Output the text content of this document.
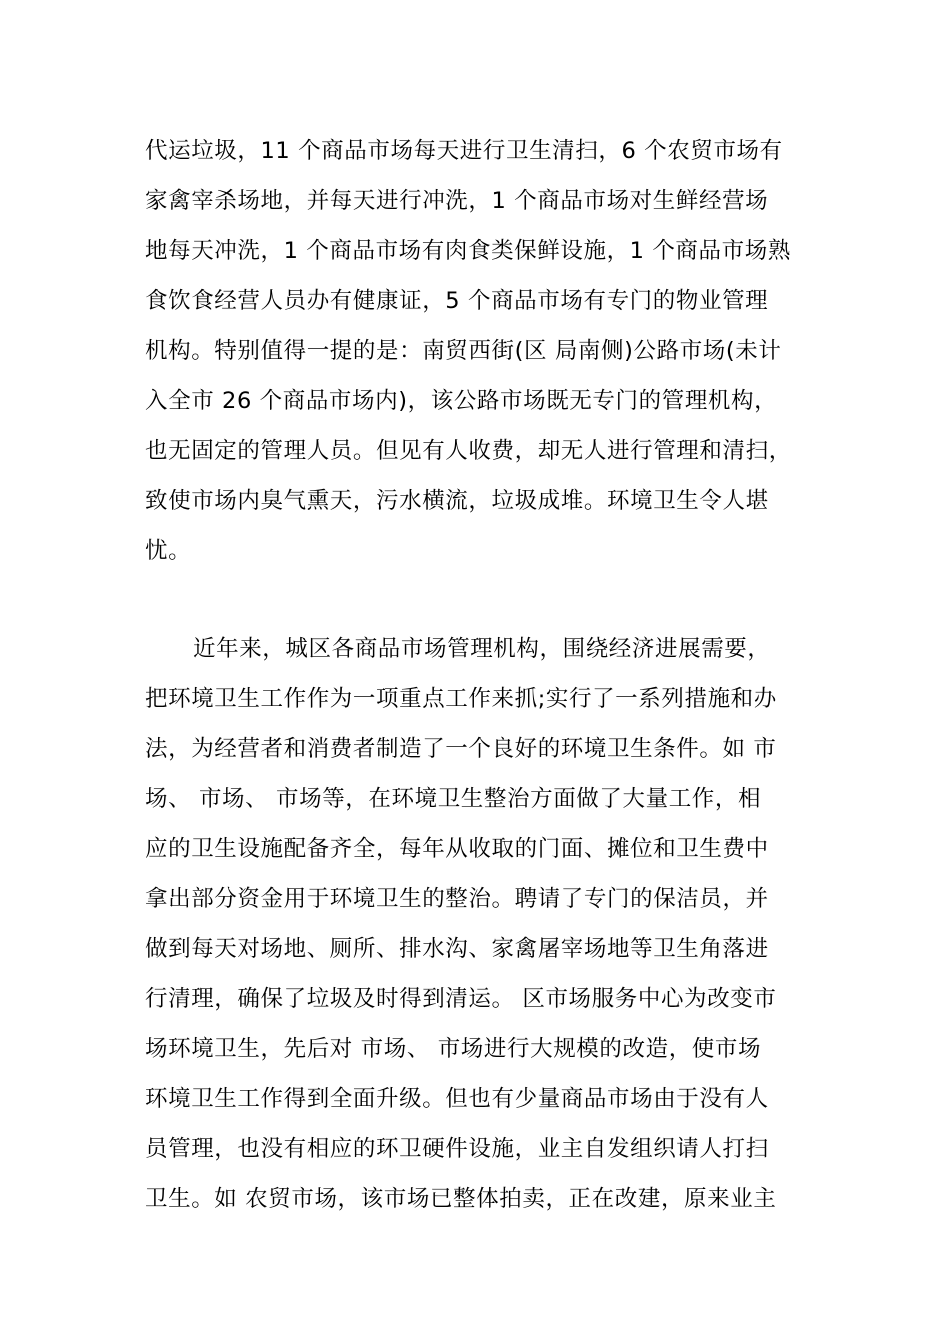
代运垃圾，11 个商品市场每天进行卫生清扫，6 个农贸市场有

家禽宰杀场地，并每天进行冲洗，1 个商品市场对生鲜经营场

地每天冲洗，1 个商品市场有肉食类保鲜设施，1 个商品市场熟

食饮食经营人员办有健康证，5 个商品市场有专门的物业管理

机构。特别值得一提的是：南贸西街(区 局南侧)公路市场(未计

入全市 26 个商品市场内)，该公路市场既无专门的管理机构，

也无固定的管理人员。但见有人收费，却无人进行管理和清扫，

致使市场内臭气熏天，污水横流，垃圾成堆。环境卫生令人堪

忧。

近年来，城区各商品市场管理机构，围绕经济进展需要，

把环境卫生工作作为一项重点工作来抓;实行了一系列措施和办

法，为经营者和消费者制造了一个良好的环境卫生条件。如 市

场、 市场、 市场等，在环境卫生整治方面做了大量工作，相

应的卫生设施配备齐全，每年从收取的门面、摊位和卫生费中

拿出部分资金用于环境卫生的整治。聘请了专门的保洁员，并

做到每天对场地、厕所、排水沟、家禽屠宰场地等卫生角落进

行清理，确保了垃圾及时得到清运。 区市场服务中心为改变市

场环境卫生，先后对 市场、 市场进行大规模的改造，使市场

环境卫生工作得到全面升级。但也有少量商品市场由于没有人

员管理，也没有相应的环卫硬件设施，业主自发组织请人打扫

卫生。如 农贸市场，该市场已整体拍卖，正在改建，原来业主
